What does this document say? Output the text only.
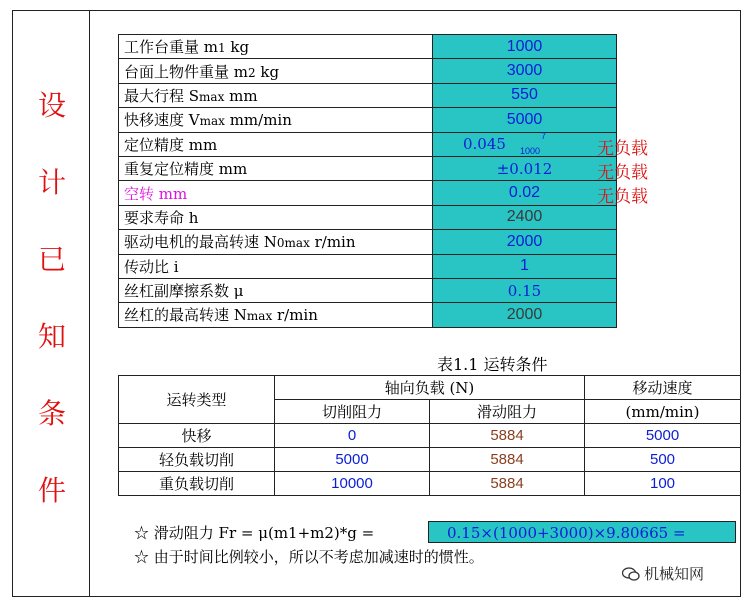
设
计
已
知
条
件
工作台重量 m1 kg	1000
台面上物件重量 m2 kg	3000
最大行程 Smax mm	550
快移速度 Vmax mm/min	5000
定位精度 mm	0.045
重复定位精度 mm	±0.012
空转 mm	0.02
要求寿命 h	2400
驱动电机的最高转速 N0max r/min	2000
传动比 i	1
丝杠副摩擦系数 μ	0.15
丝杠的最高转速 Nmax r/min	2000
7
1000	无负载
无负载
无负载
表1.1 运转条件
运转类型	轴向负载 (N)		移动速度
	切削阻力	滑动阻力	(mm/min)
快移	0	5884	5000
轻负载切削	5000	5884	500
重负载切削	10000	5884	100
☆ 滑动阻力 Fr = μ(m1+m2)*g =	0.15×(1000+3000)×9.80665 =
☆ 由于时间比例较小，所以不考虑加减速时的惯性。
机械知网
